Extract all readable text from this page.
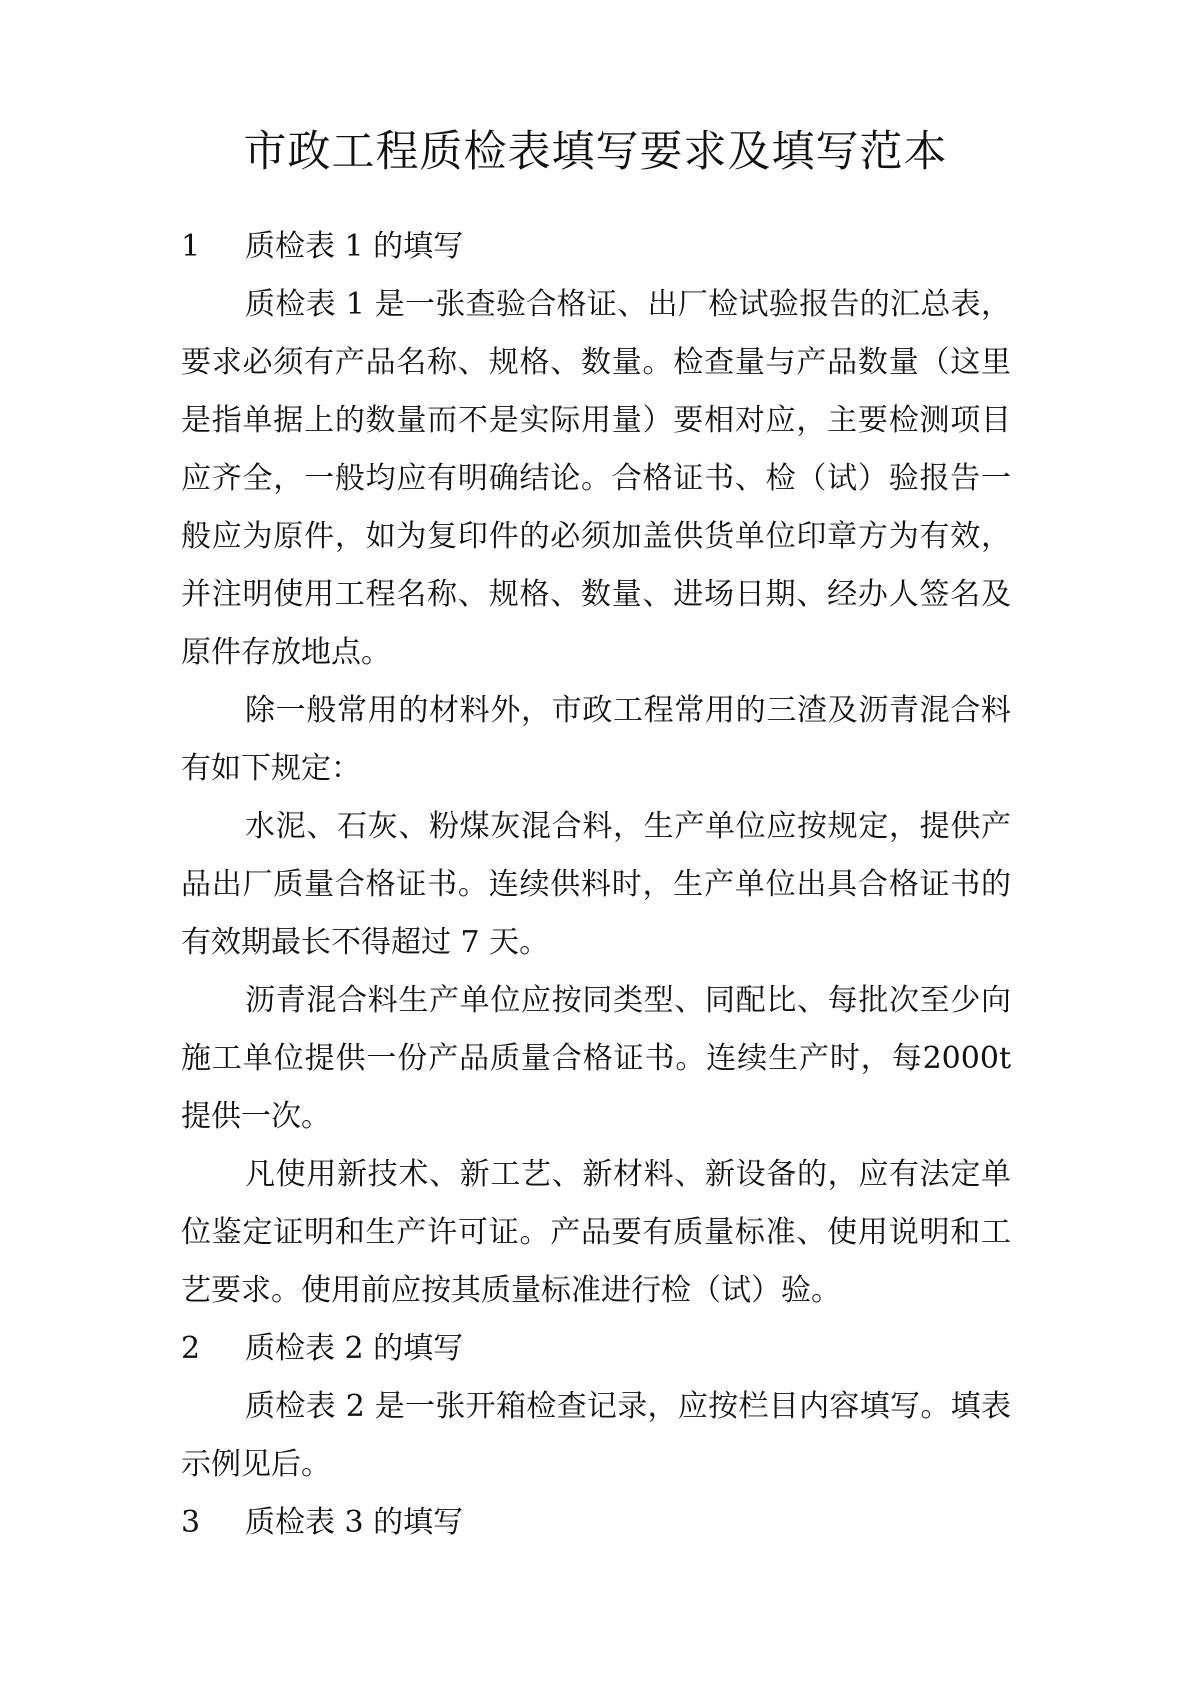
市政工程质检表填写要求及填写范本
1 质检表 1 的填写

质检表 1 是一张查验合格证、出厂检试验报告的汇总表，要求必须有产品名称、规格、数量。检查量与产品数量（这里是指单据上的数量而不是实际用量）要相对应，主要检测项目应齐全，一般均应有明确结论。合格证书、检（试）验报告一般应为原件，如为复印件的必须加盖供货单位印章方为有效，并注明使用工程名称、规格、数量、进场日期、经办人签名及原件存放地点。

除一般常用的材料外，市政工程常用的三渣及沥青混合料有如下规定：

水泥、石灰、粉煤灰混合料，生产单位应按规定，提供产品出厂质量合格证书。连续供料时，生产单位出具合格证书的有效期最长不得超过 7 天。

沥青混合料生产单位应按同类型、同配比、每批次至少向施工单位提供一份产品质量合格证书。连续生产时，每2000t提供一次。

凡使用新技术、新工艺、新材料、新设备的，应有法定单位鉴定证明和生产许可证。产品要有质量标准、使用说明和工艺要求。使用前应按其质量标准进行检（试）验。

2 质检表 2 的填写

质检表 2 是一张开箱检查记录，应按栏目内容填写。填表示例见后。

3 质检表 3 的填写
